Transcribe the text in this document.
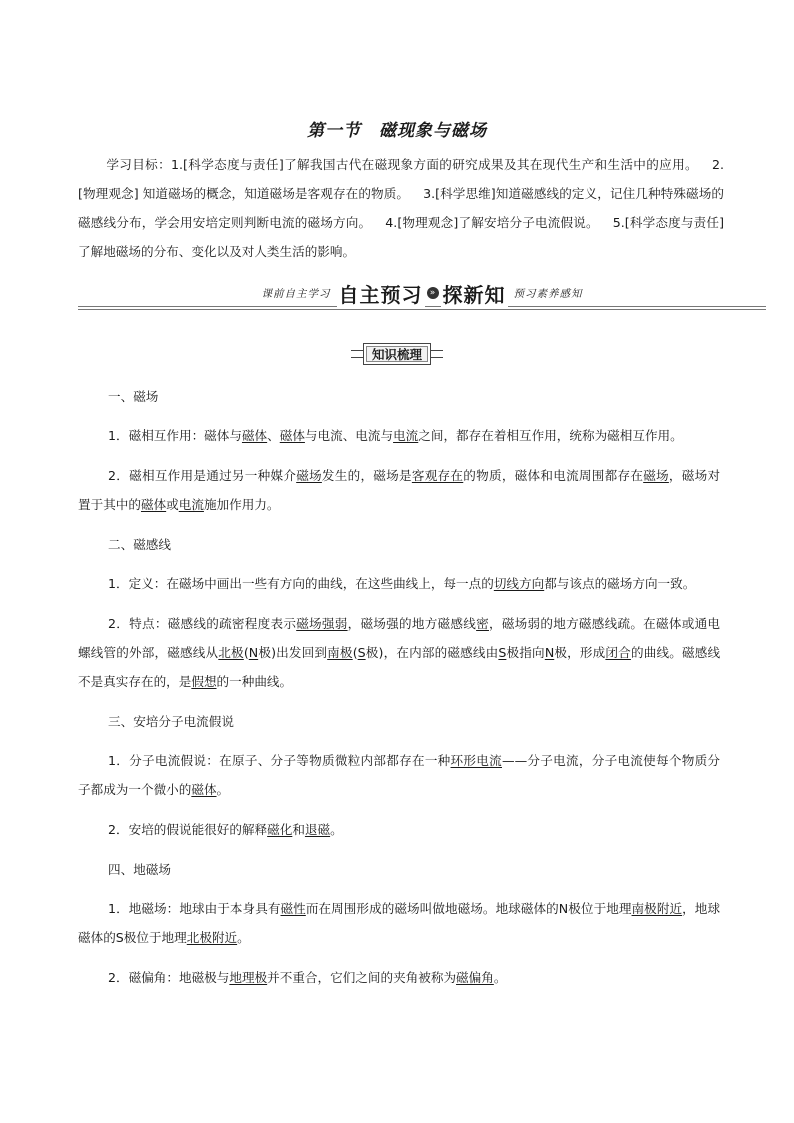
第一节 磁现象与磁场
学习目标：1.[科学态度与责任]了解我国古代在磁现象方面的研究成果及其在现代生产和生活中的应用。 2.[物理观念] 知道磁场的概念，知道磁场是客观存在的物质。 3.[科学思维]知道磁感线的定义，记住几种特殊磁场的磁感线分布，学会用安培定则判断电流的磁场方向。 4.[物理观念]了解安培分子电流假说。 5.[科学态度与责任]了解地磁场的分布、变化以及对人类生活的影响。
课前自主学习 自主预习 » 探新知 预习素养感知
知识梳理

一、磁场

1．磁相互作用：磁体与磁体、磁体与电流、电流与电流之间，都存在着相互作用，统称为磁相互作用。

2．磁相互作用是通过另一种媒介磁场发生的，磁场是客观存在的物质，磁体和电流周围都存在磁场，磁场对置于其中的磁体或电流施加作用力。

二、磁感线

1．定义：在磁场中画出一些有方向的曲线，在这些曲线上，每一点的切线方向都与该点的磁场方向一致。

2．特点：磁感线的疏密程度表示磁场强弱，磁场强的地方磁感线密，磁场弱的地方磁感线疏。在磁体或通电螺线管的外部，磁感线从北极(N极)出发回到南极(S极)，在内部的磁感线由S极指向N极，形成闭合的曲线。磁感线不是真实存在的，是假想的一种曲线。

三、安培分子电流假说

1．分子电流假说：在原子、分子等物质微粒内部都存在一种环形电流——分子电流，分子电流使每个物质分子都成为一个微小的磁体。

2．安培的假说能很好的解释磁化和退磁。

四、地磁场

1．地磁场：地球由于本身具有磁性而在周围形成的磁场叫做地磁场。地球磁体的N极位于地理南极附近，地球磁体的S极位于地理北极附近。

2．磁偏角：地磁极与地理极并不重合，它们之间的夹角被称为磁偏角。
